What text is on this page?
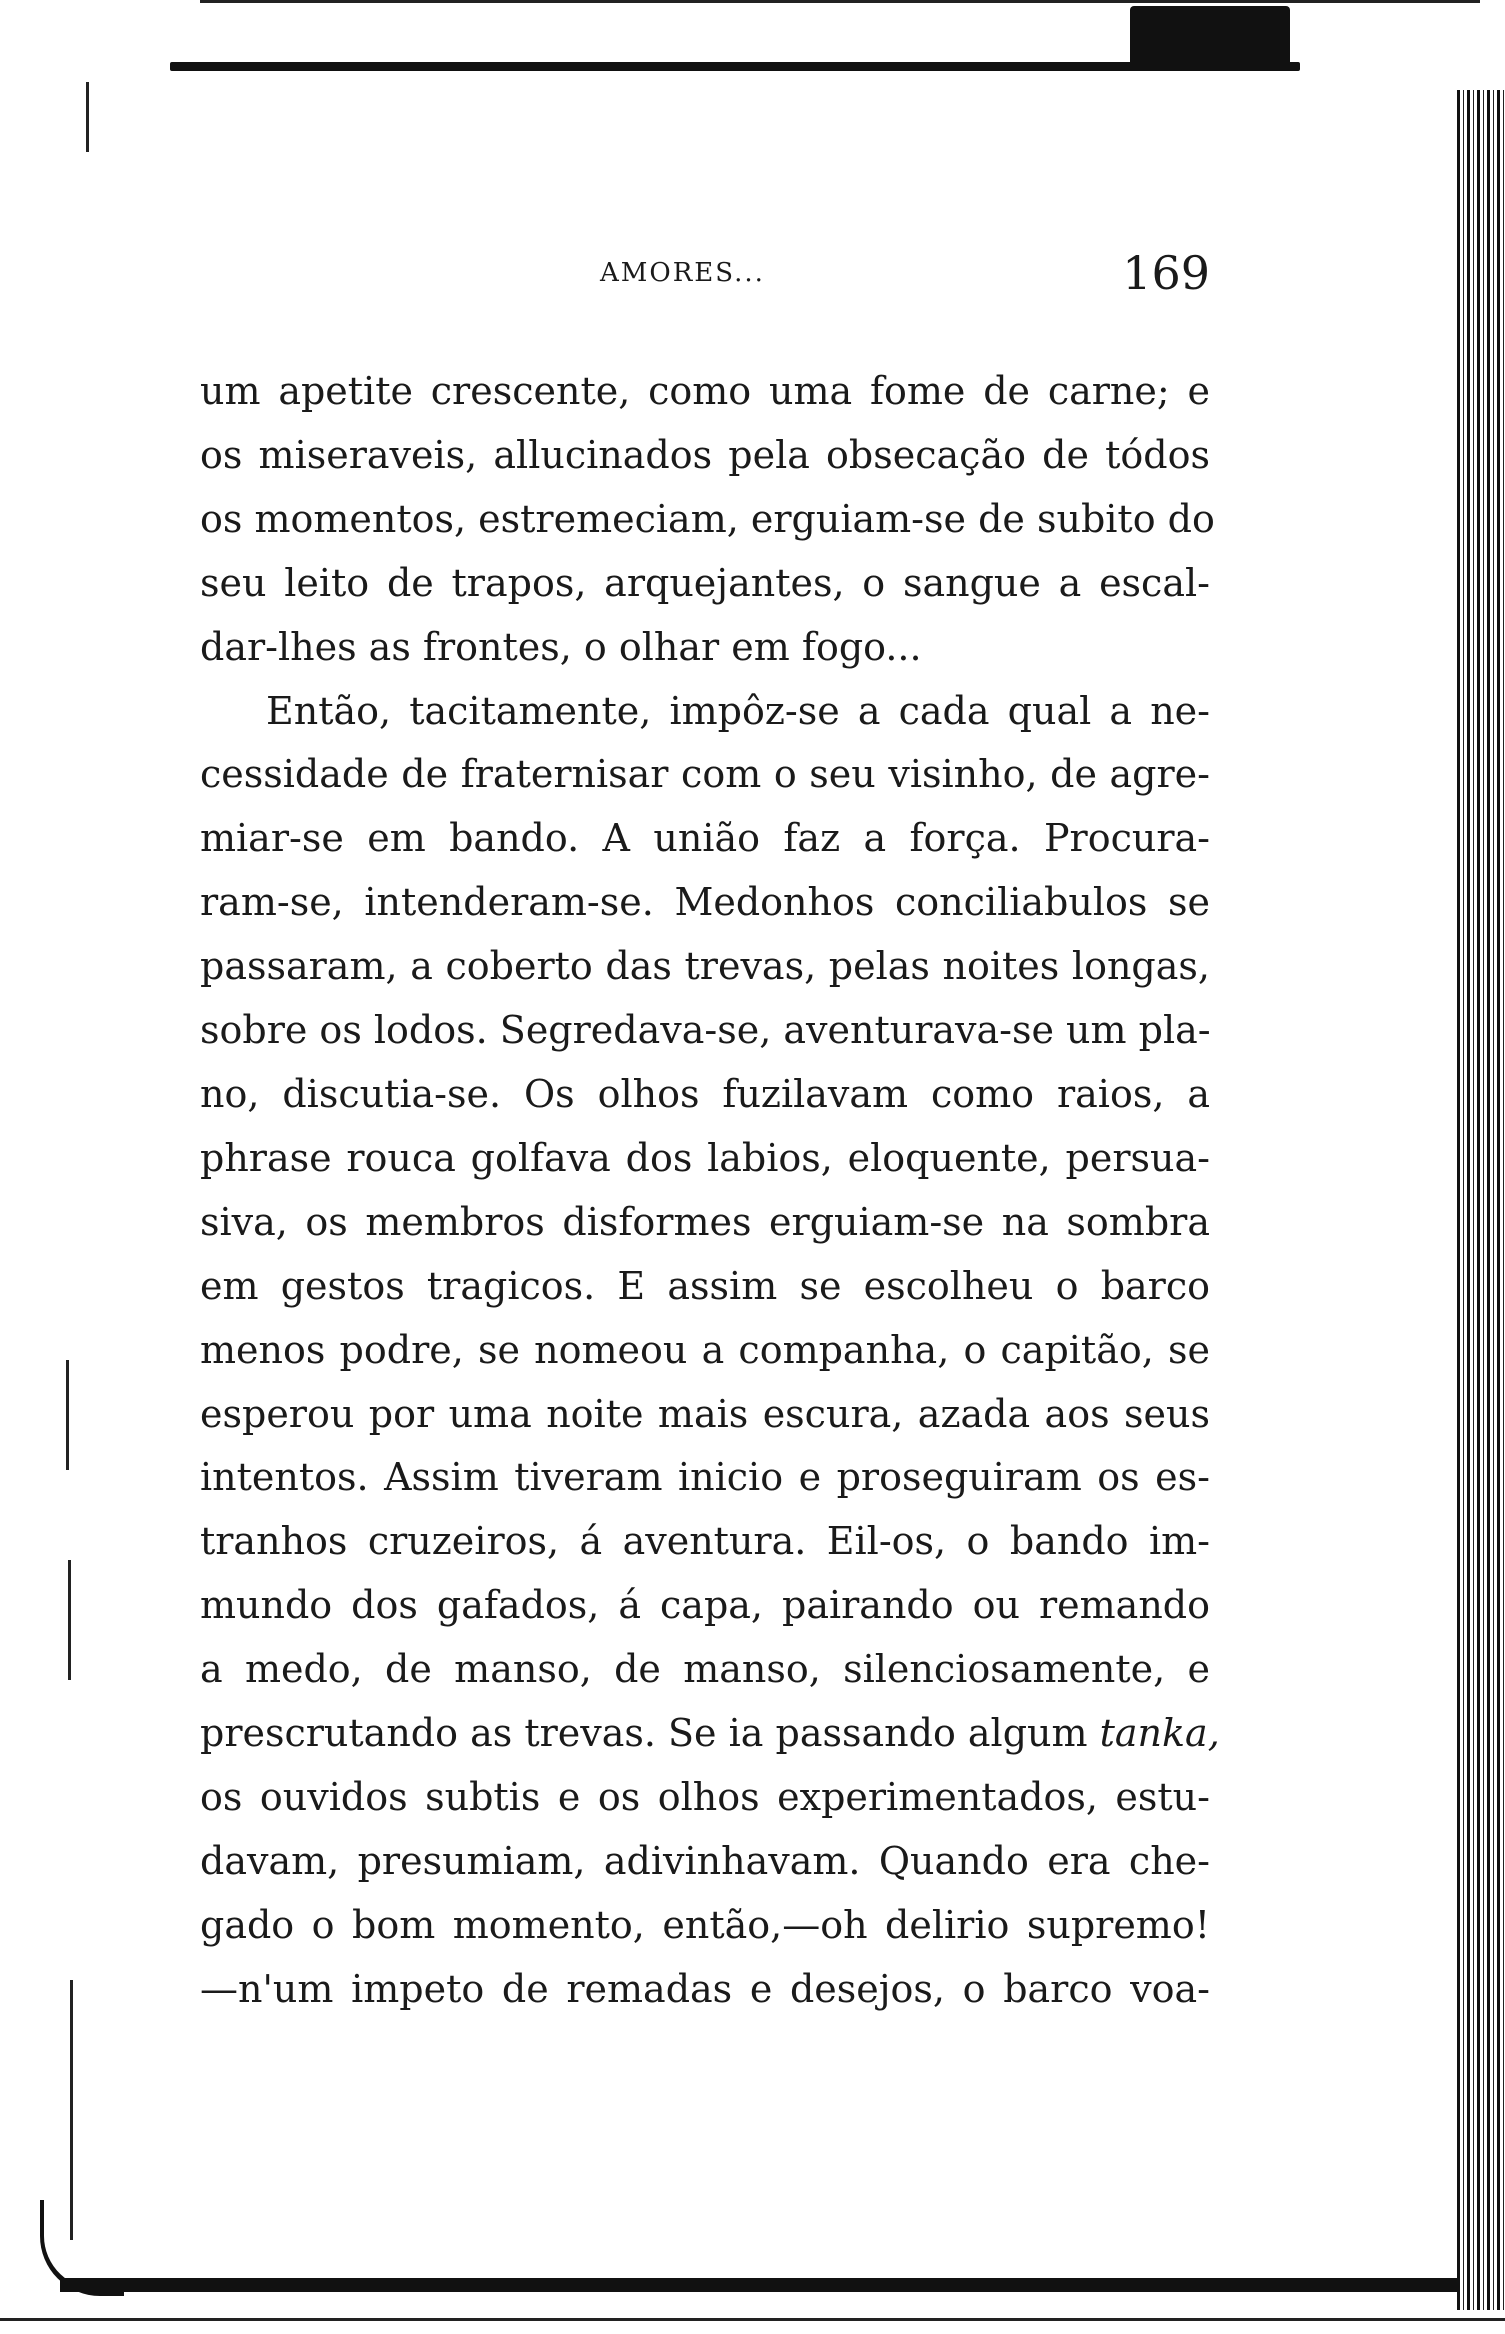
AMORES...	169
um apetite crescente, como uma fome de carne; e
os miseraveis, allucinados pela obsecação de tódos
os momentos, estremeciam, erguiam-se de subito do
seu leito de trapos, arquejantes, o sangue a escal-
dar-lhes as frontes, o olhar em fogo...
Então, tacitamente, impôz-se a cada qual a ne-
cessidade de fraternisar com o seu visinho, de agre-
miar-se em bando. A união faz a força. Procura-
ram-se, intenderam-se. Medonhos conciliabulos se
passaram, a coberto das trevas, pelas noites longas,
sobre os lodos. Segredava-se, aventurava-se um pla-
no, discutia-se. Os olhos fuzilavam como raios, a
phrase rouca golfava dos labios, eloquente, persua-
siva, os membros disformes erguiam-se na sombra
em gestos tragicos. E assim se escolheu o barco
menos podre, se nomeou a companha, o capitão, se
esperou por uma noite mais escura, azada aos seus
intentos. Assim tiveram inicio e proseguiram os es-
tranhos cruzeiros, á aventura. Eil-os, o bando im-
mundo dos gafados, á capa, pairando ou remando
a medo, de manso, de manso, silenciosamente, e
prescrutando as trevas. Se ia passando algum tanka,
os ouvidos subtis e os olhos experimentados, estu-
davam, presumiam, adivinhavam. Quando era che-
gado o bom momento, então,—oh delirio supremo!
—n'um impeto de remadas e desejos, o barco voa-
